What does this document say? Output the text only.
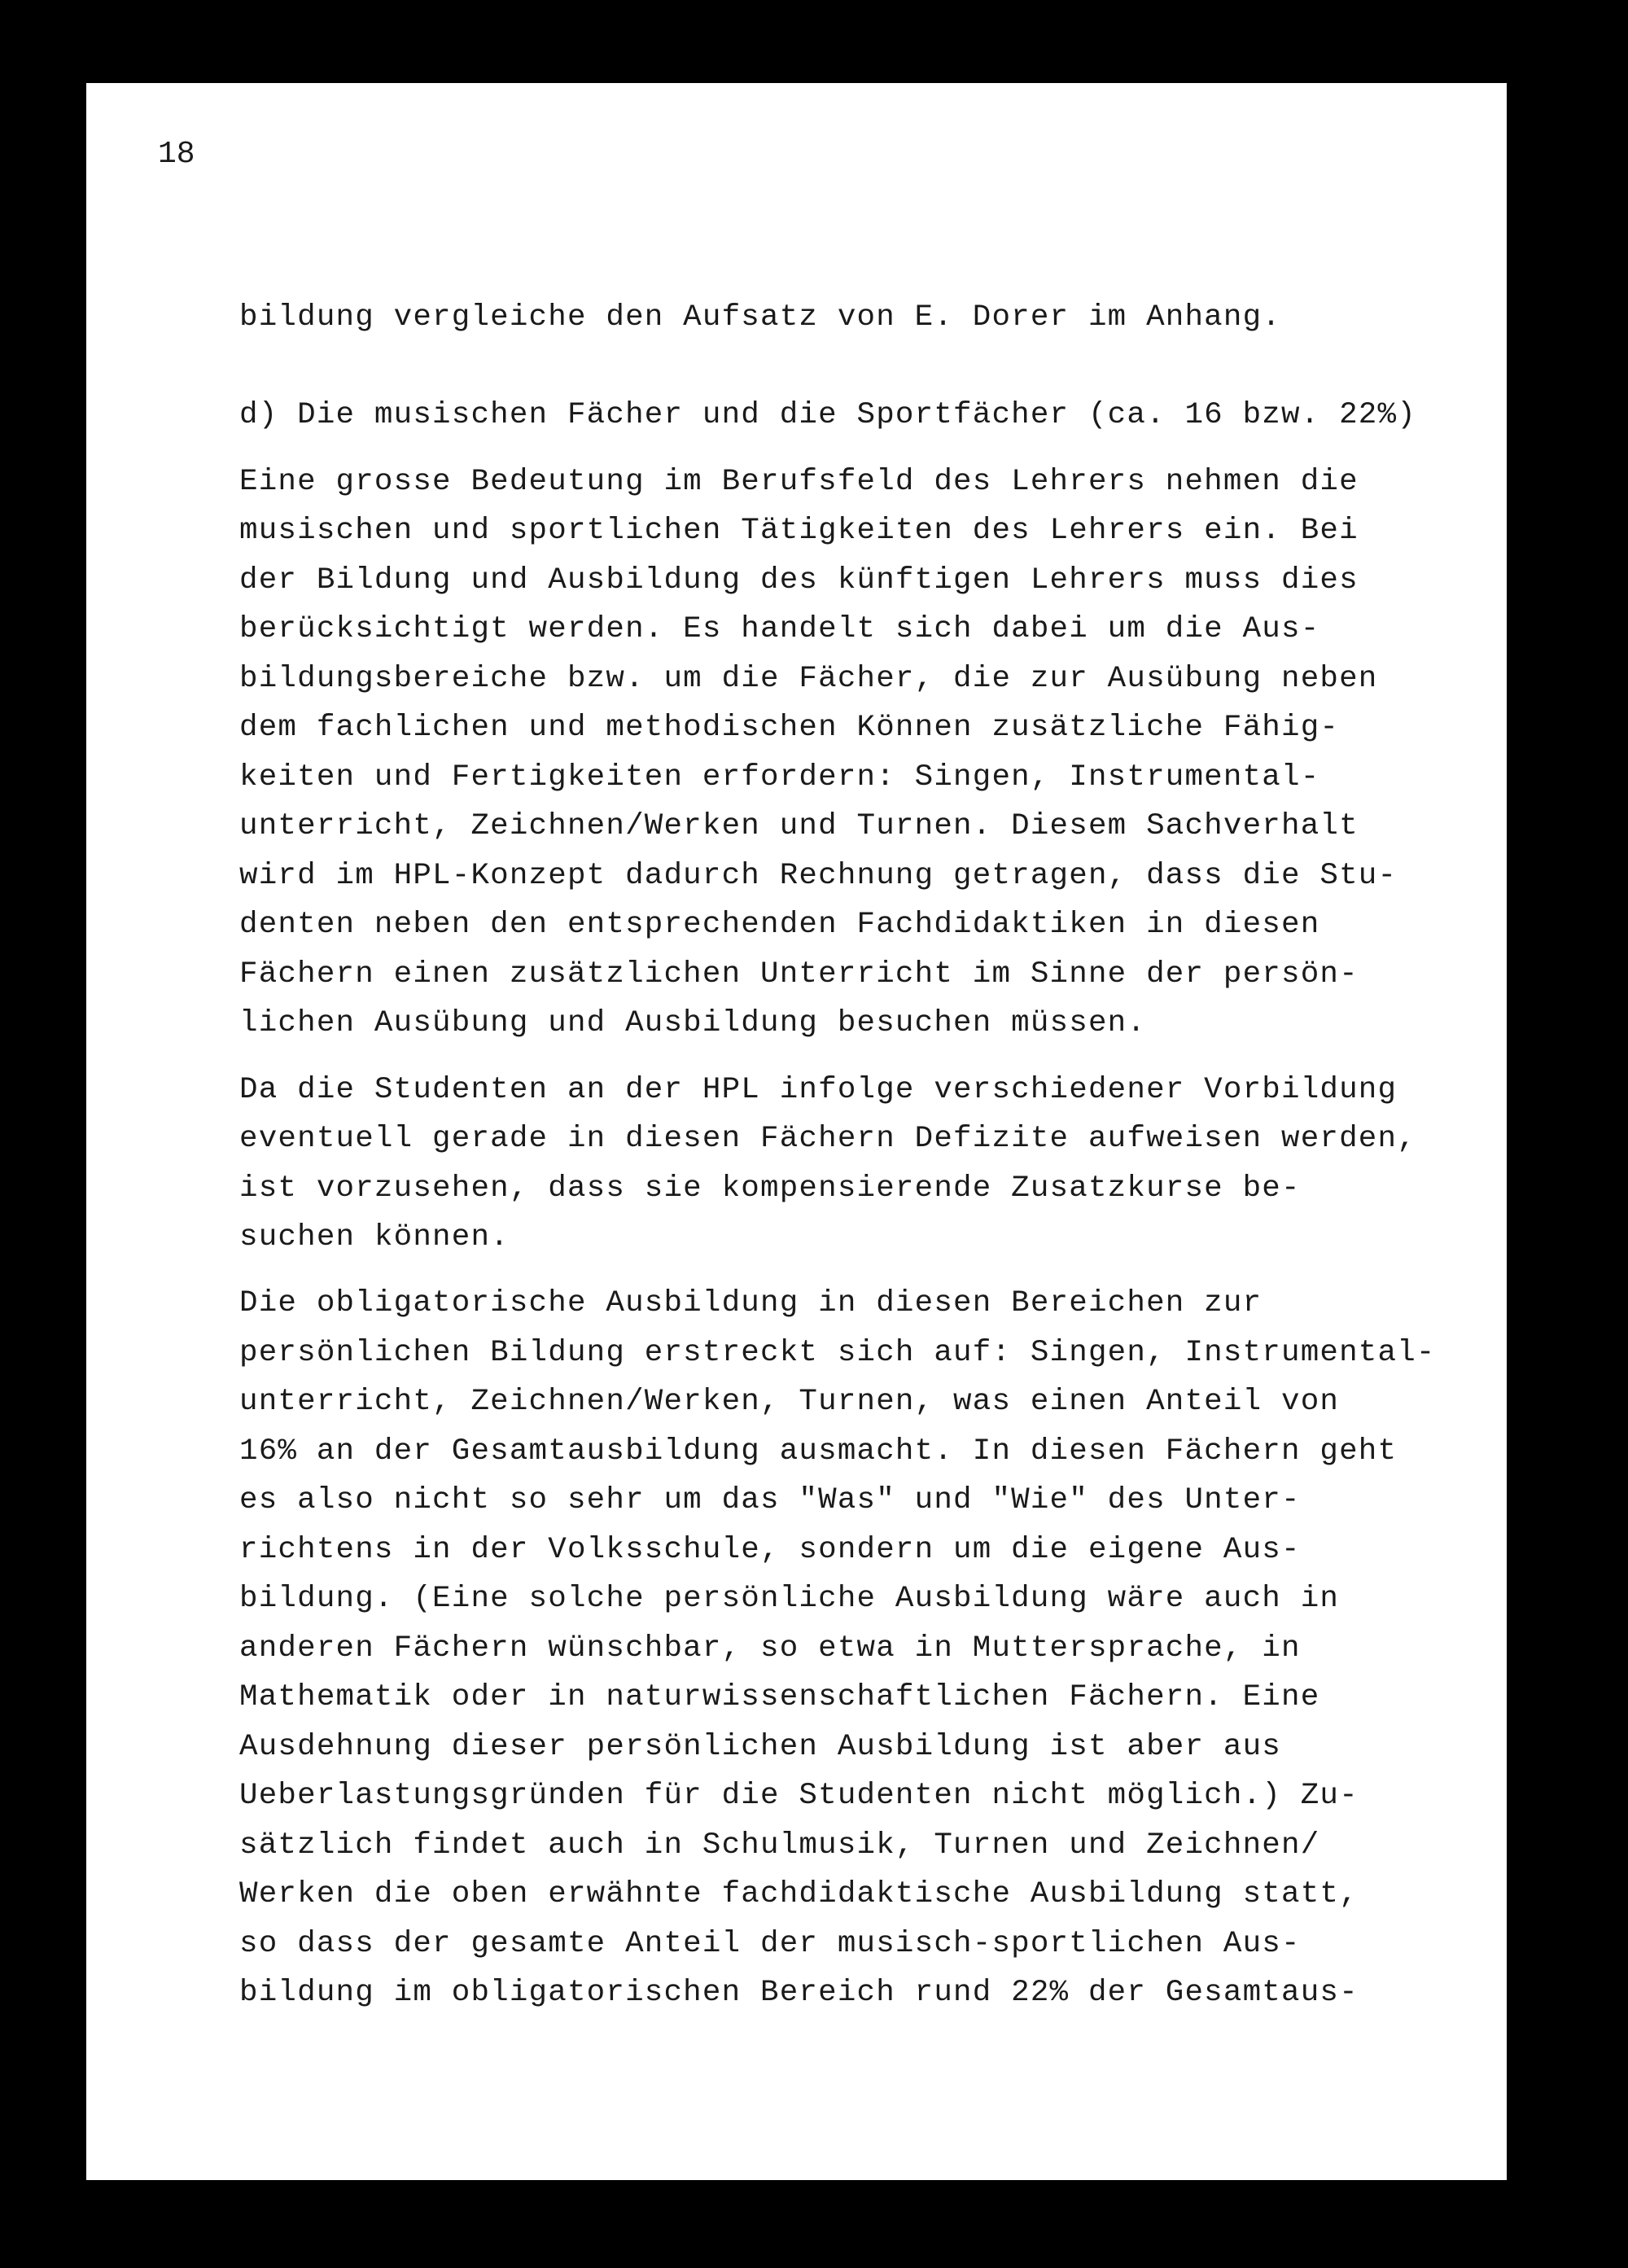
18

bildung vergleiche den Aufsatz von E. Dorer im Anhang.

d) Die musischen Fächer und die Sportfächer (ca. 16 bzw. 22%)

Eine grosse Bedeutung im Berufsfeld des Lehrers nehmen die

musischen und sportlichen Tätigkeiten des Lehrers ein. Bei

der Bildung und Ausbildung des künftigen Lehrers muss dies

berücksichtigt werden. Es handelt sich dabei um die Aus-

bildungsbereiche bzw. um die Fächer, die zur Ausübung neben

dem fachlichen und methodischen Können zusätzliche Fähig-

keiten und Fertigkeiten erfordern: Singen, Instrumental-

unterricht, Zeichnen/Werken und Turnen. Diesem Sachverhalt

wird im HPL-Konzept dadurch Rechnung getragen, dass die Stu-

denten neben den entsprechenden Fachdidaktiken in diesen

Fächern einen zusätzlichen Unterricht im Sinne der persön-

lichen Ausübung und Ausbildung besuchen müssen.

Da die Studenten an der HPL infolge verschiedener Vorbildung

eventuell gerade in diesen Fächern Defizite aufweisen werden,

ist vorzusehen, dass sie kompensierende Zusatzkurse be-

suchen können.

Die obligatorische Ausbildung in diesen Bereichen zur

persönlichen Bildung erstreckt sich auf: Singen, Instrumental-

unterricht, Zeichnen/Werken, Turnen, was einen Anteil von

16% an der Gesamtausbildung ausmacht. In diesen Fächern geht

es also nicht so sehr um das "Was" und "Wie" des Unter-

richtens in der Volksschule, sondern um die eigene Aus-

bildung. (Eine solche persönliche Ausbildung wäre auch in

anderen Fächern wünschbar, so etwa in Muttersprache, in

Mathematik oder in naturwissenschaftlichen Fächern. Eine

Ausdehnung dieser persönlichen Ausbildung ist aber aus

Ueberlastungsgründen für die Studenten nicht möglich.) Zu-

sätzlich findet auch in Schulmusik, Turnen und Zeichnen/

Werken die oben erwähnte fachdidaktische Ausbildung statt,

so dass der gesamte Anteil der musisch-sportlichen Aus-

bildung im obligatorischen Bereich rund 22% der Gesamtaus-
